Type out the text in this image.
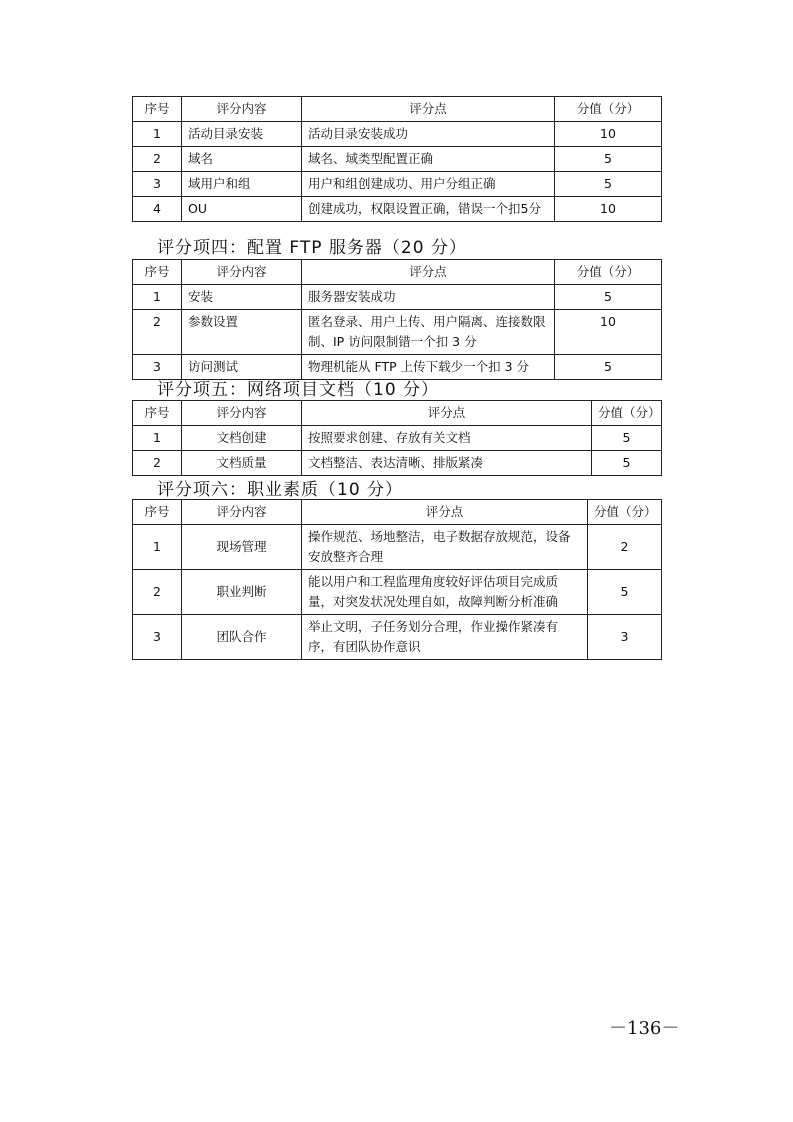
序号	评分内容	评分点	分值（分）
1	活动目录安装	活动目录安装成功	10
2	域名	域名、域类型配置正确	5
3	域用户和组	用户和组创建成功、用户分组正确	5
4	OU	创建成功，权限设置正确，错误一个扣5分	10
评分项四：配置 FTP 服务器（20 分）
序号	评分内容	评分点	分值（分）
1	安装	服务器安装成功	5
2	参数设置	匿名登录、用户上传、用户隔离、连接数限制、IP 访问限制错一个扣 3 分	10
3	访问测试	物理机能从 FTP 上传下载少一个扣 3 分	5
评分项五：网络项目文档（10 分）
序号	评分内容	评分点	分值（分）
1	文档创建	按照要求创建、存放有关文档	5
2	文档质量	文档整洁、表达清晰、排版紧凑	5
评分项六：职业素质（10 分）
序号	评分内容	评分点	分值（分）
1	现场管理	操作规范、场地整洁，电子数据存放规范，设备安放整齐合理	2
2	职业判断	能以用户和工程监理角度较好评估项目完成质量，对突发状况处理自如，故障判断分析准确	5
3	团队合作	举止文明，子任务划分合理，作业操作紧凑有序，有团队协作意识	3
－136－
